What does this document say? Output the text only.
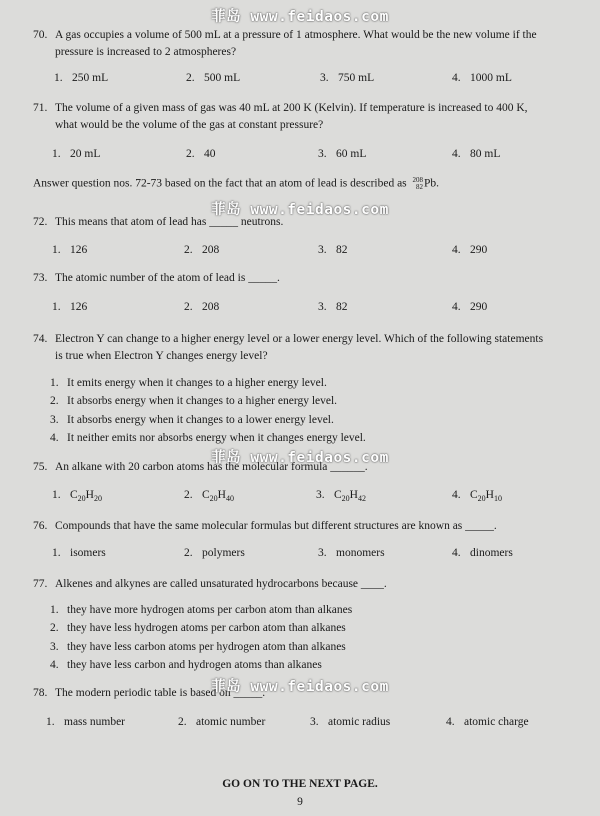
菲岛 www.feidaos.com
菲岛 www.feidaos.com
菲岛 www.feidaos.com
菲岛 www.feidaos.com
70. A gas occupies a volume of 500 mL at a pressure of 1 atmosphere. What would be the new volume if the
pressure is increased to 2 atmospheres?
1. 250 mL	2. 500 mL	3. 750 mL	4. 1000 mL
71. The volume of a given mass of gas was 40 mL at 200 K (Kelvin). If temperature is increased to 400 K,
what would be the volume of the gas at constant pressure?
1. 20 mL	2. 40	3. 60 mL	4. 80 mL
Answer question nos. 72-73 based on the fact that an atom of lead is described as 208
82 Pb.
72. This means that atom of lead has _____ neutrons.
1. 126	2. 208	3. 82	4. 290
73. The atomic number of the atom of lead is _____.
1. 126	2. 208	3. 82	4. 290
74. Electron Y can change to a higher energy level or a lower energy level. Which of the following statements
is true when Electron Y changes energy level?
1. It emits energy when it changes to a higher energy level.
2. It absorbs energy when it changes to a higher energy level.
3. It absorbs energy when it changes to a lower energy level.
4. It neither emits nor absorbs energy when it changes energy level.
75. An alkane with 20 carbon atoms has the molecular formula ______.
1. $C_{20}H_{20}$	2. $C_{20}H_{40}$	3. $C_{20}H_{42}$	4. $C_{20}H_{10}$
76. Compounds that have the same molecular formulas but different structures are known as _____.
1. isomers	2. polymers	3. monomers	4. dinomers
77. Alkenes and alkynes are called unsaturated hydrocarbons because ____.
1. they have more hydrogen atoms per carbon atom than alkanes
2. they have less hydrogen atoms per carbon atom than alkanes
3. they have less carbon atoms per hydrogen atom than alkanes
4. they have less carbon and hydrogen atoms than alkanes
78. The modern periodic table is based on _____.
1. mass number	2. atomic number	3. atomic radius	4. atomic charge
GO ON TO THE NEXT PAGE.
9
